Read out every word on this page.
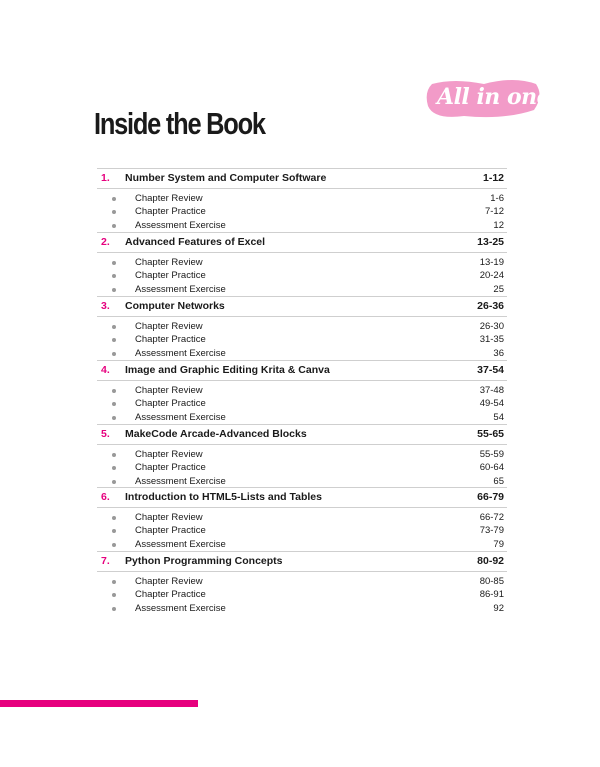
All in one
Inside the Book
1. Number System and Computer Software	1-12
Chapter Review	1-6
Chapter Practice	7-12
Assessment Exercise	12
2. Advanced Features of Excel	13-25
Chapter Review	13-19
Chapter Practice	20-24
Assessment Exercise	25
3. Computer Networks	26-36
Chapter Review	26-30
Chapter Practice	31-35
Assessment Exercise	36
4. Image and Graphic Editing Krita & Canva	37-54
Chapter Review	37-48
Chapter Practice	49-54
Assessment Exercise	54
5. MakeCode Arcade-Advanced Blocks	55-65
Chapter Review	55-59
Chapter Practice	60-64
Assessment Exercise	65
6. Introduction to HTML5-Lists and Tables	66-79
Chapter Review	66-72
Chapter Practice	73-79
Assessment Exercise	79
7. Python Programming Concepts	80-92
Chapter Review	80-85
Chapter Practice	86-91
Assessment Exercise	92
